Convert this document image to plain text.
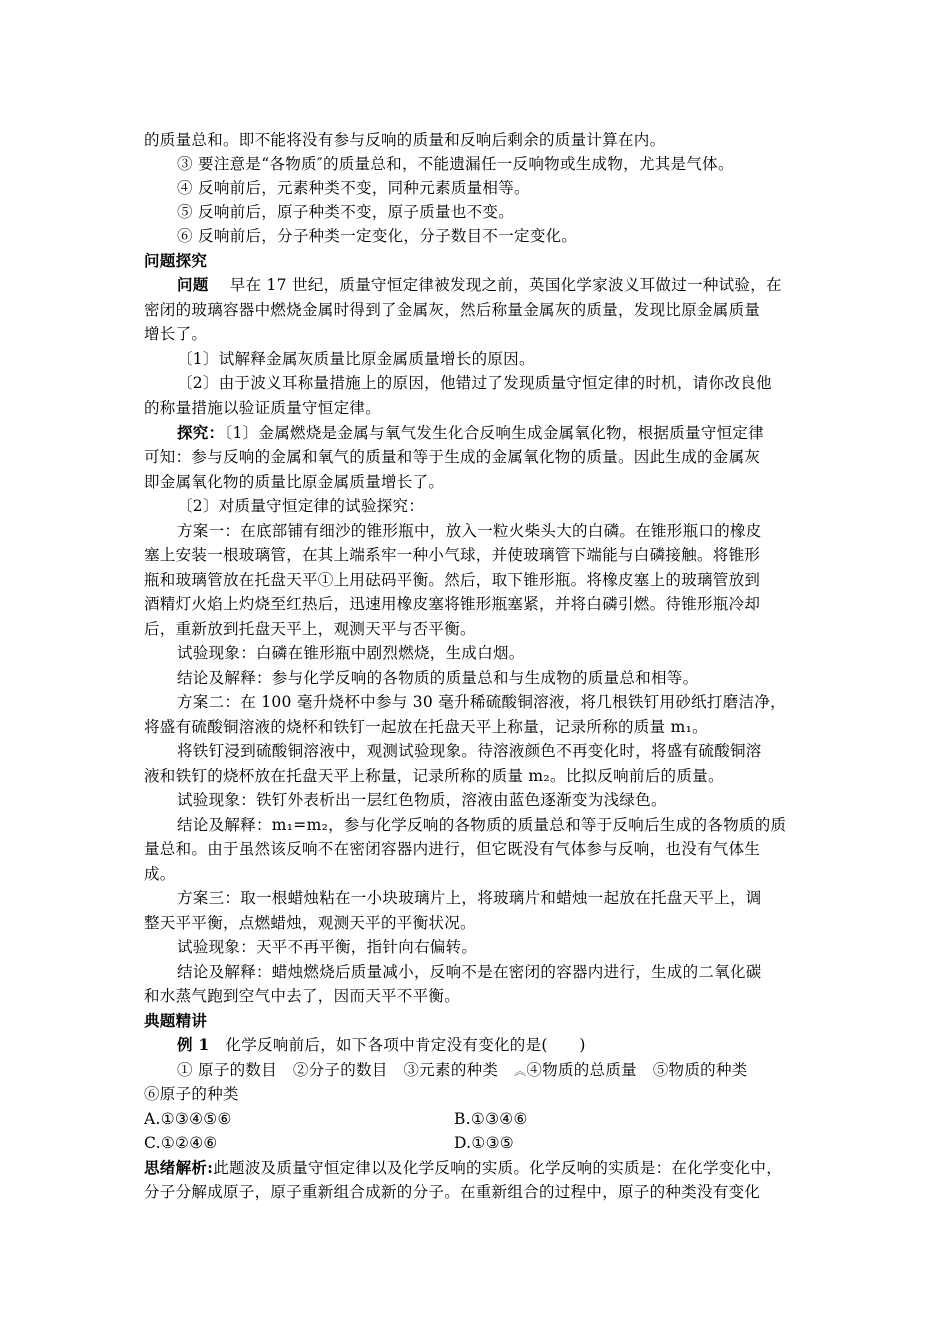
的质量总和。即不能将没有参与反响的质量和反响后剩余的质量计算在内。
③ 要注意是“各物质″的质量总和，不能遗漏任一反响物或生成物，尤其是气体。
④ 反响前后，元素种类不变，同种元素质量相等。
⑤ 反响前后，原子种类不变，原子质量也不变。
⑥ 反响前后，分子种类一定变化，分子数目不一定变化。
问题探究
问题　 早在 17 世纪，质量守恒定律被发现之前，英国化学家波义耳做过一种试验，在
密闭的玻璃容器中燃烧金属时得到了金属灰，然后称量金属灰的质量，发现比原金属质量
增长了。
〔1〕试解释金属灰质量比原金属质量增长的原因。
〔2〕由于波义耳称量措施上的原因，他错过了发现质量守恒定律的时机，请你改良他
的称量措施以验证质量守恒定律。
探究：〔1〕金属燃烧是金属与氧气发生化合反响生成金属氧化物，根据质量守恒定律
可知：参与反响的金属和氧气的质量和等于生成的金属氧化物的质量。因此生成的金属灰
即金属氧化物的质量比原金属质量增长了。
〔2〕对质量守恒定律的试验探究：
方案一：在底部铺有细沙的锥形瓶中，放入一粒火柴头大的白磷。在锥形瓶口的橡皮
塞上安装一根玻璃管，在其上端系牢一种小气球，并使玻璃管下端能与白磷接触。将锥形
瓶和玻璃管放在托盘天平①上用砝码平衡。然后，取下锥形瓶。将橡皮塞上的玻璃管放到
酒精灯火焰上灼烧至红热后，迅速用橡皮塞将锥形瓶塞紧，并将白磷引燃。待锥形瓶冷却
后，重新放到托盘天平上，观测天平与否平衡。
试验现象：白磷在锥形瓶中剧烈燃烧，生成白烟。
结论及解释：参与化学反响的各物质的质量总和与生成物的质量总和相等。
方案二：在 100 毫升烧杯中参与 30 毫升稀硫酸铜溶液，将几根铁钉用砂纸打磨洁净，
将盛有硫酸铜溶液的烧杯和铁钉一起放在托盘天平上称量，记录所称的质量 m₁。
将铁钉浸到硫酸铜溶液中，观测试验现象。待溶液颜色不再变化时，将盛有硫酸铜溶
液和铁钉的烧杯放在托盘天平上称量，记录所称的质量 m₂。比拟反响前后的质量。
试验现象：铁钉外表析出一层红色物质，溶液由蓝色逐渐变为浅绿色。
结论及解释：m₁=m₂，参与化学反响的各物质的质量总和等于反响后生成的各物质的质
量总和。由于虽然该反响不在密闭容器内进行，但它既没有气体参与反响，也没有气体生
成。
方案三：取一根蜡烛粘在一小块玻璃片上，将玻璃片和蜡烛一起放在托盘天平上，调
整天平平衡，点燃蜡烛，观测天平的平衡状况。
试验现象：天平不再平衡，指针向右偏转。
结论及解释：蜡烛燃烧后质量减小，反响不是在密闭的容器内进行，生成的二氧化碳
和水蒸气跑到空气中去了，因而天平不平衡。
典题精讲
例 1　 化学反响前后，如下各项中肯定没有变化的是(　　)
① 原子的数目　②分子的数目　③元素的种类　︽④物质的总质量　⑤物质的种类
⑥原子的种类
A.①③④⑤⑥	B.①③④⑥
C.①②④⑥	D.①③⑤
思绪解析:此题波及质量守恒定律以及化学反响的实质。化学反响的实质是：在化学变化中，
分子分解成原子，原子重新组合成新的分子。在重新组合的过程中，原子的种类没有变化
